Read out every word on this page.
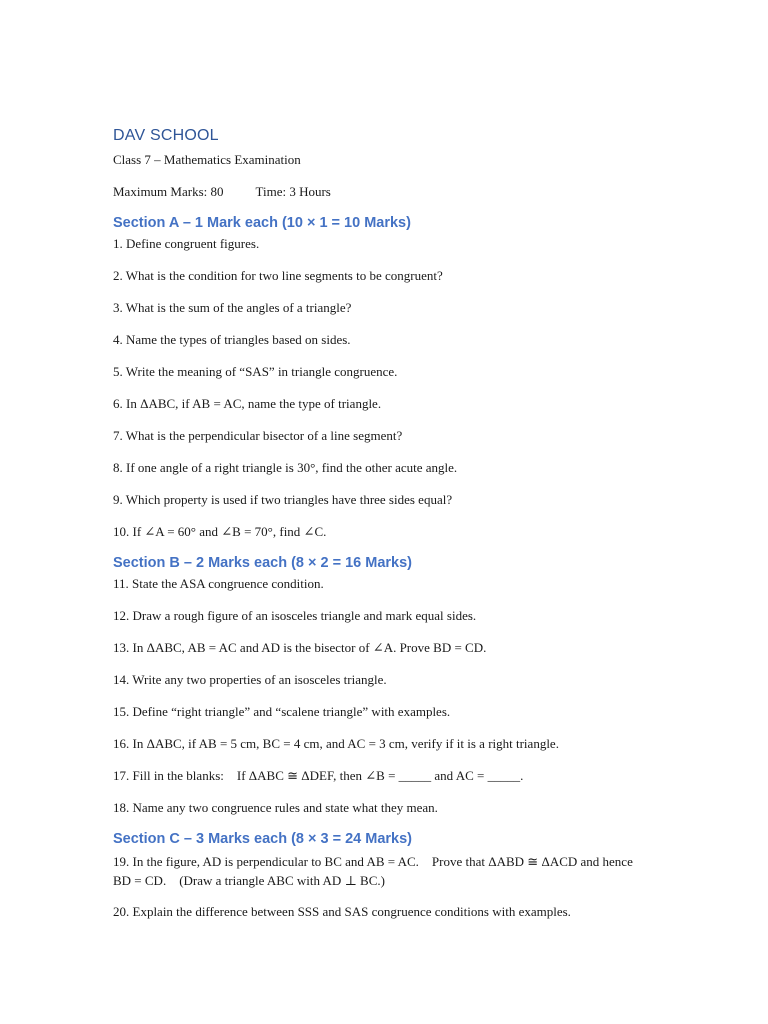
DAV SCHOOL

Class 7 – Mathematics Examination

Maximum Marks: 80 Time: 3 Hours

Section A – 1 Mark each (10 × 1 = 10 Marks)

1. Define congruent figures.

2. What is the condition for two line segments to be congruent?

3. What is the sum of the angles of a triangle?

4. Name the types of triangles based on sides.

5. Write the meaning of “SAS” in triangle congruence.

6. In ΔABC, if AB = AC, name the type of triangle.

7. What is the perpendicular bisector of a line segment?

8. If one angle of a right triangle is 30°, find the other acute angle.

9. Which property is used if two triangles have three sides equal?

10. If ∠A = 60° and ∠B = 70°, find ∠C.

Section B – 2 Marks each (8 × 2 = 16 Marks)

11. State the ASA congruence condition.

12. Draw a rough figure of an isosceles triangle and mark equal sides.

13. In ΔABC, AB = AC and AD is the bisector of ∠A. Prove BD = CD.

14. Write any two properties of an isosceles triangle.

15. Define “right triangle” and “scalene triangle” with examples.

16. In ΔABC, if AB = 5 cm, BC = 4 cm, and AC = 3 cm, verify if it is a right triangle.

17. Fill in the blanks:    If ΔABC ≅ ΔDEF, then ∠B = _____ and AC = _____.

18. Name any two congruence rules and state what they mean.

Section C – 3 Marks each (8 × 3 = 24 Marks)

19. In the figure, AD is perpendicular to BC and AB = AC.    Prove that ΔABD ≅ ΔACD and hence BD = CD.    (Draw a triangle ABC with AD ⊥ BC.)

20. Explain the difference between SSS and SAS congruence conditions with examples.
